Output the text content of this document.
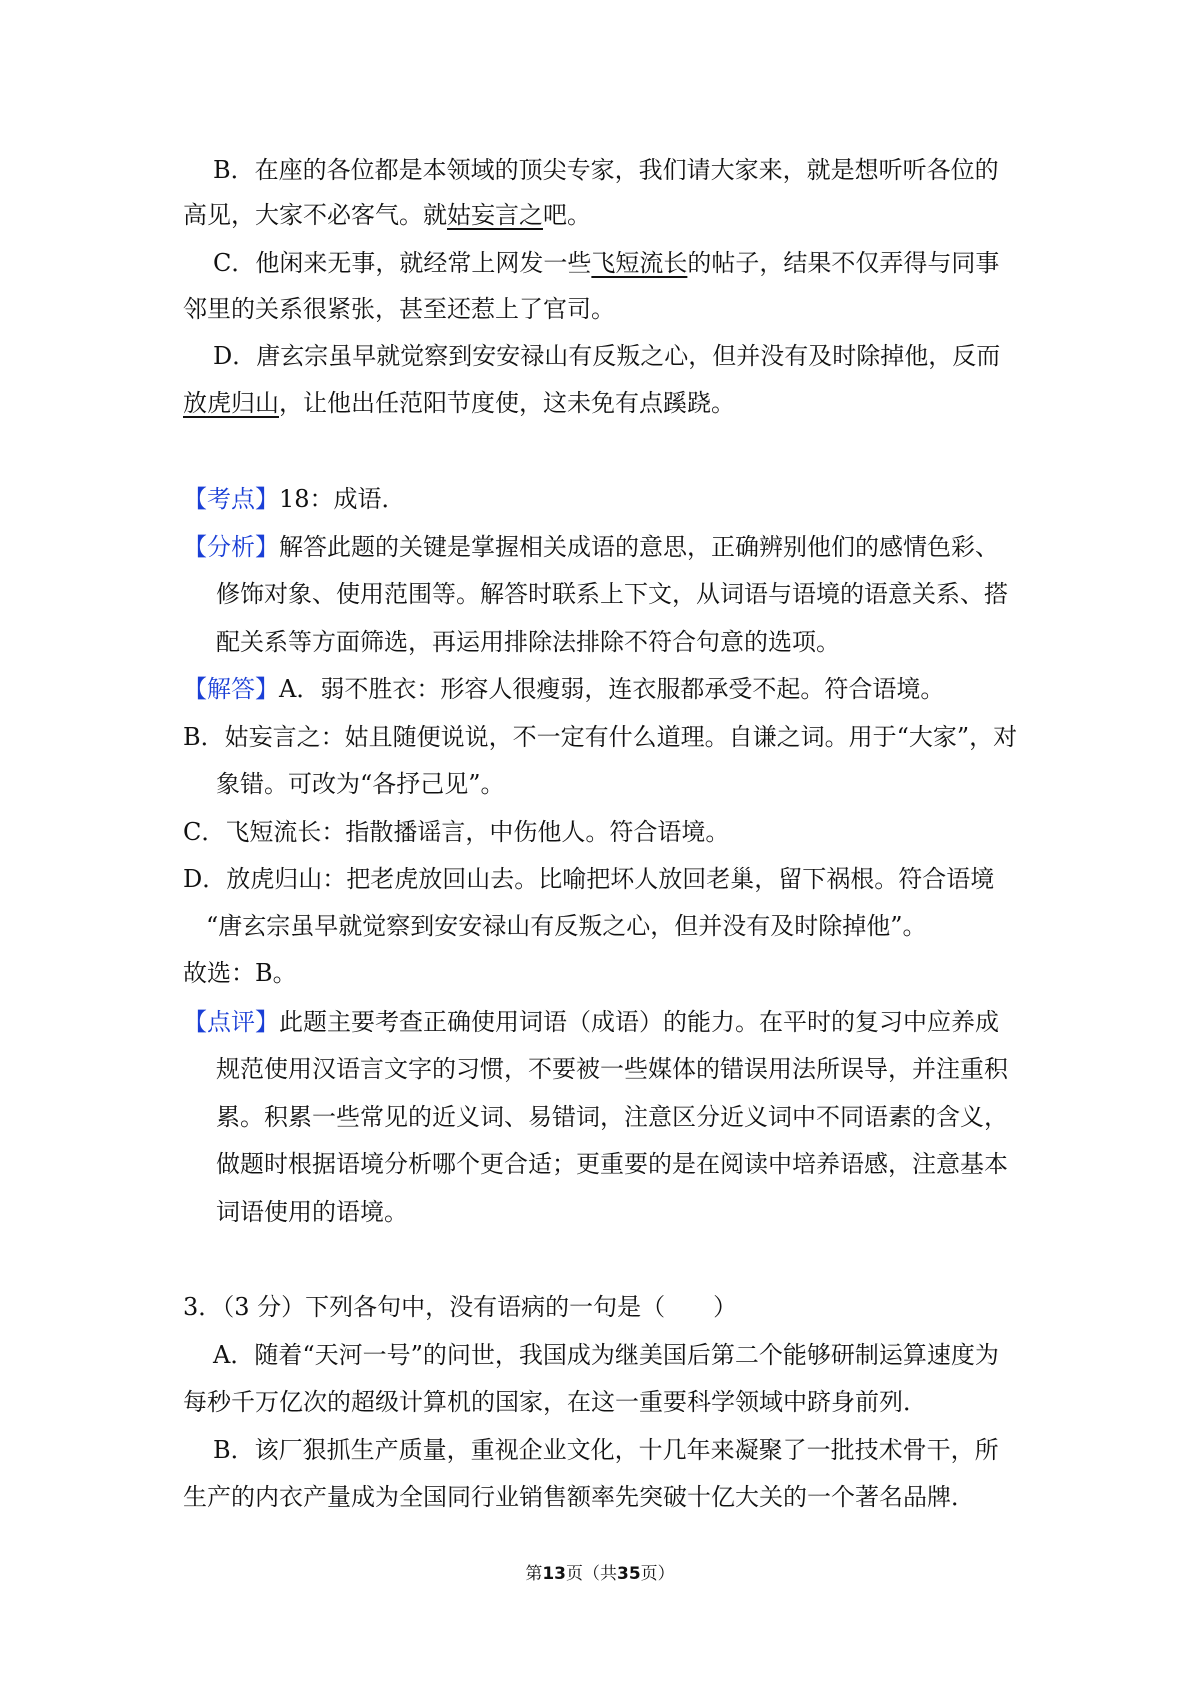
B．在座的各位都是本领域的顶尖专家，我们请大家来，就是想听听各位的
高见，大家不必客气。就姑妄言之吧。
C．他闲来无事，就经常上网发一些飞短流长的帖子，结果不仅弄得与同事
邻里的关系很紧张，甚至还惹上了官司。
D．唐玄宗虽早就觉察到安安禄山有反叛之心，但并没有及时除掉他，反而
放虎归山，让他出任范阳节度使，这未免有点蹊跷。
【考点】18：成语．
【分析】解答此题的关键是掌握相关成语的意思，正确辨别他们的感情色彩、
修饰对象、使用范围等。解答时联系上下文，从词语与语境的语意关系、搭
配关系等方面筛选，再运用排除法排除不符合句意的选项。
【解答】A．弱不胜衣：形容人很瘦弱，连衣服都承受不起。符合语境。
B．姑妄言之：姑且随便说说，不一定有什么道理。自谦之词。用于“大家”，对
象错。可改为“各抒己见”。
C．飞短流长：指散播谣言，中伤他人。符合语境。
D．放虎归山：把老虎放回山去。比喻把坏人放回老巢，留下祸根。符合语境
“唐玄宗虽早就觉察到安安禄山有反叛之心，但并没有及时除掉他”。
故选：B。
【点评】此题主要考查正确使用词语（成语）的能力。在平时的复习中应养成
规范使用汉语言文字的习惯，不要被一些媒体的错误用法所误导，并注重积
累。积累一些常见的近义词、易错词，注意区分近义词中不同语素的含义，
做题时根据语境分析哪个更合适；更重要的是在阅读中培养语感，注意基本
词语使用的语境。
3．（3 分）下列各句中，没有语病的一句是（　　）
A．随着“天河一号”的问世，我国成为继美国后第二个能够研制运算速度为
每秒千万亿次的超级计算机的国家，在这一重要科学领域中跻身前列．
B．该厂狠抓生产质量，重视企业文化，十几年来凝聚了一批技术骨干，所
生产的内衣产量成为全国同行业销售额率先突破十亿大关的一个著名品牌．
第13页（共35页）
